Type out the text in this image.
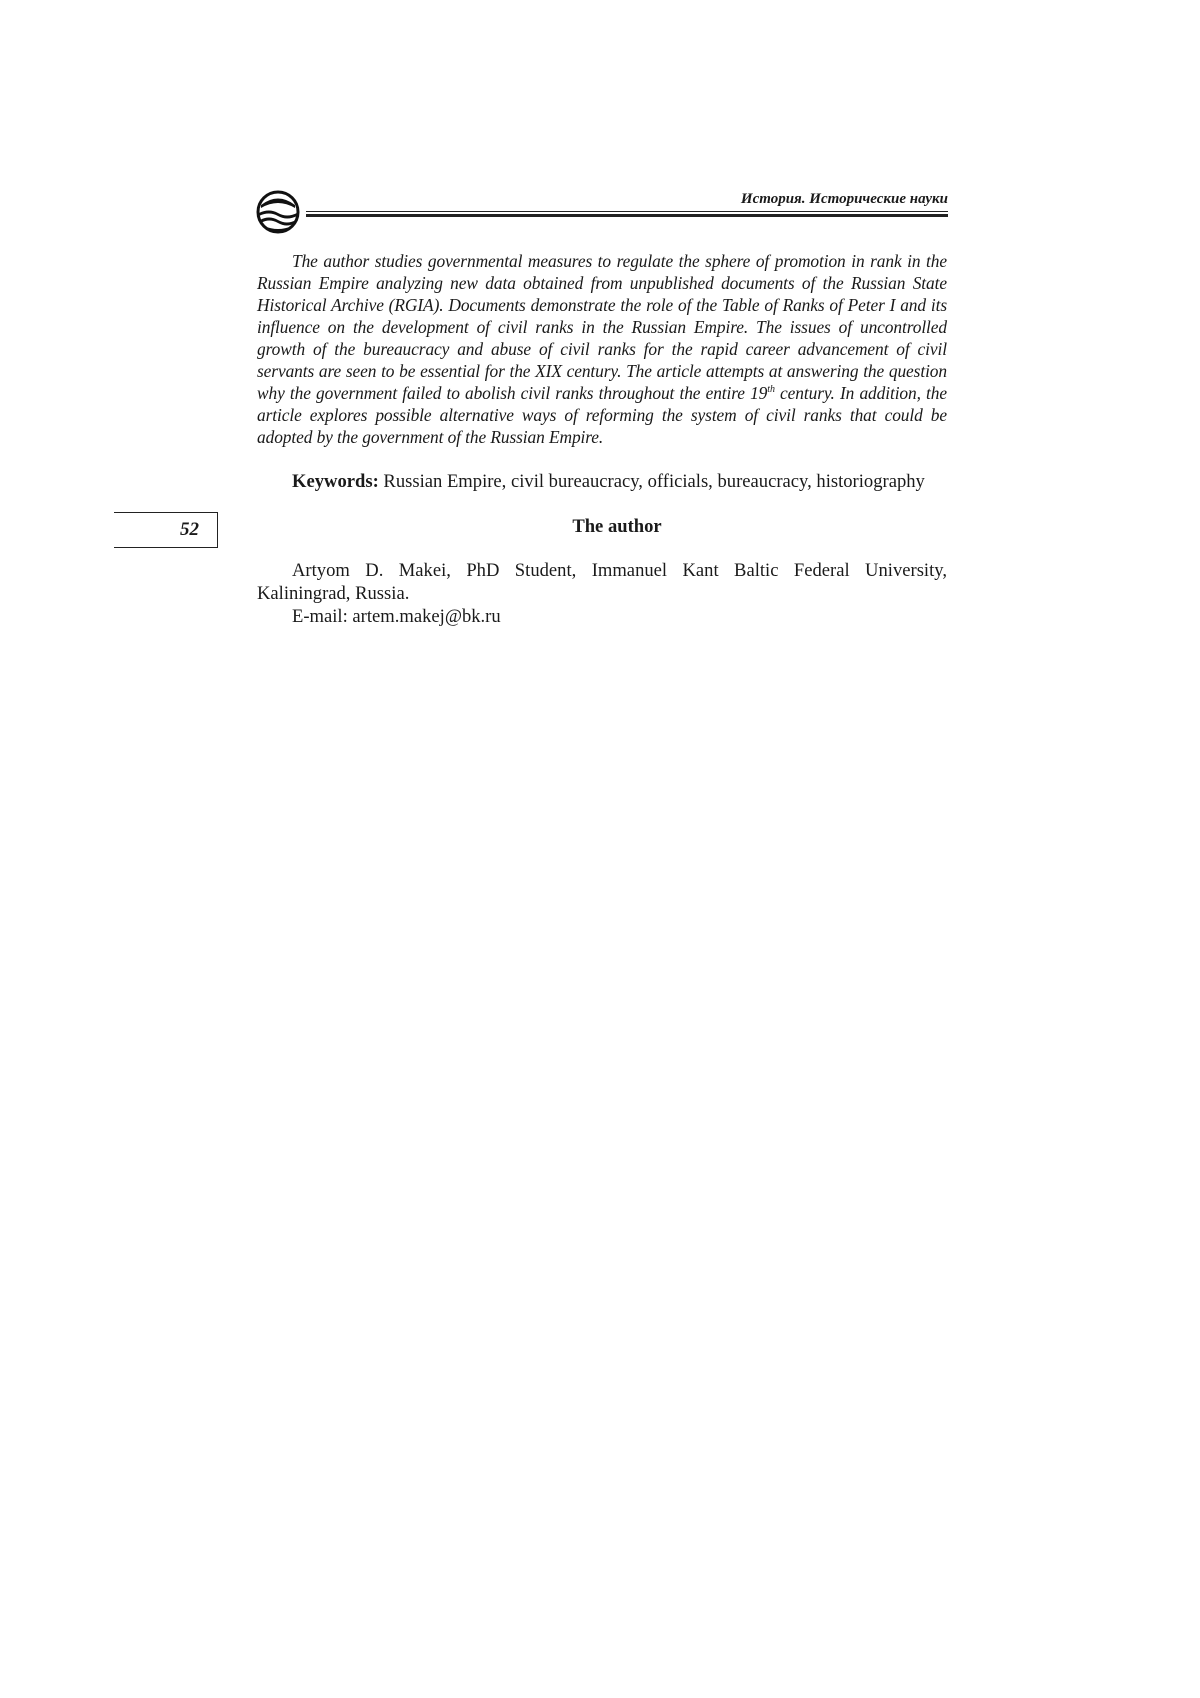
История. Исторические науки

The author studies governmental measures to regulate the sphere of promotion in rank in the Russian Empire analyzing new data obtained from unpublished documents of the Russian State Historical Archive (RGIA). Documents demonstrate the role of the Table of Ranks of Peter I and its influence on the development of civil ranks in the Russian Empire. The issues of uncontrolled growth of the bureaucracy and abuse of civil ranks for the rapid career advancement of civil servants are seen to be essential for the XIX century. The article attempts at answering the question why the government failed to abolish civil ranks throughout the entire 19th century. In addition, the article explores possible alternative ways of reforming the system of civil ranks that could be adopted by the government of the Russian Empire.

Keywords: Russian Empire, civil bureaucracy, officials, bureaucracy, historiography

The author

Artyom D. Makei, PhD Student, Immanuel Kant Baltic Federal University, Kaliningrad, Russia.

E-mail: artem.makej@bk.ru

52
